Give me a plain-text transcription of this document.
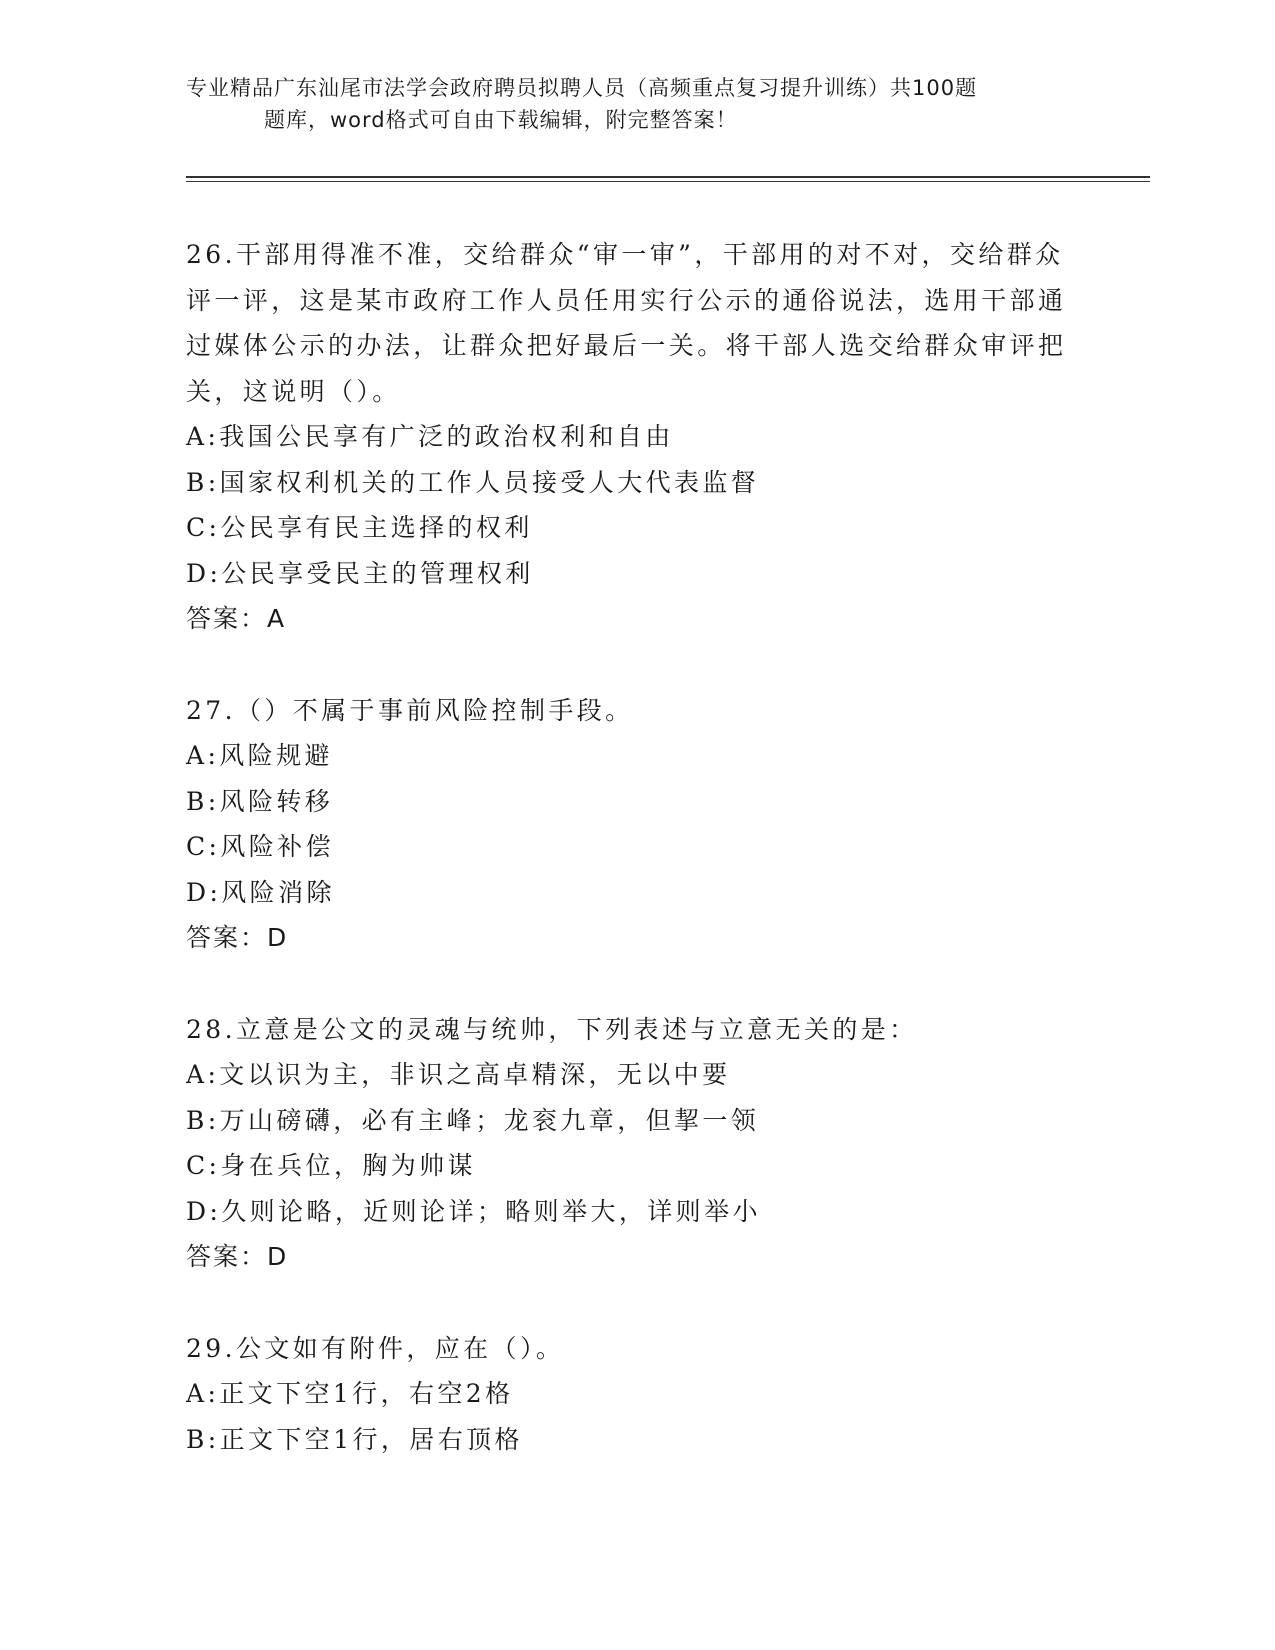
专业精品广东汕尾市法学会政府聘员拟聘人员（高频重点复习提升训练）共100题
题库，word格式可自由下载编辑，附完整答案！

26.干部用得准不准，交给群众“审一审”，干部用的对不对，交给群众评一评，这是某市政府工作人员任用实行公示的通俗说法，选用干部通过媒体公示的办法，让群众把好最后一关。将干部人选交给群众审评把关，这说明（）。

A:我国公民享有广泛的政治权利和自由

B:国家权利机关的工作人员接受人大代表监督

C:公民享有民主选择的权利

D:公民享受民主的管理权利

答案：A

27.（）不属于事前风险控制手段。

A:风险规避

B:风险转移

C:风险补偿

D:风险消除

答案：D

28.立意是公文的灵魂与统帅，下列表述与立意无关的是：

A:文以识为主，非识之高卓精深，无以中要

B:万山磅礴，必有主峰；龙衮九章，但挈一领

C:身在兵位，胸为帅谋

D:久则论略，近则论详；略则举大，详则举小

答案：D

29.公文如有附件，应在（）。

A:正文下空1行，右空2格

B:正文下空1行，居右顶格
